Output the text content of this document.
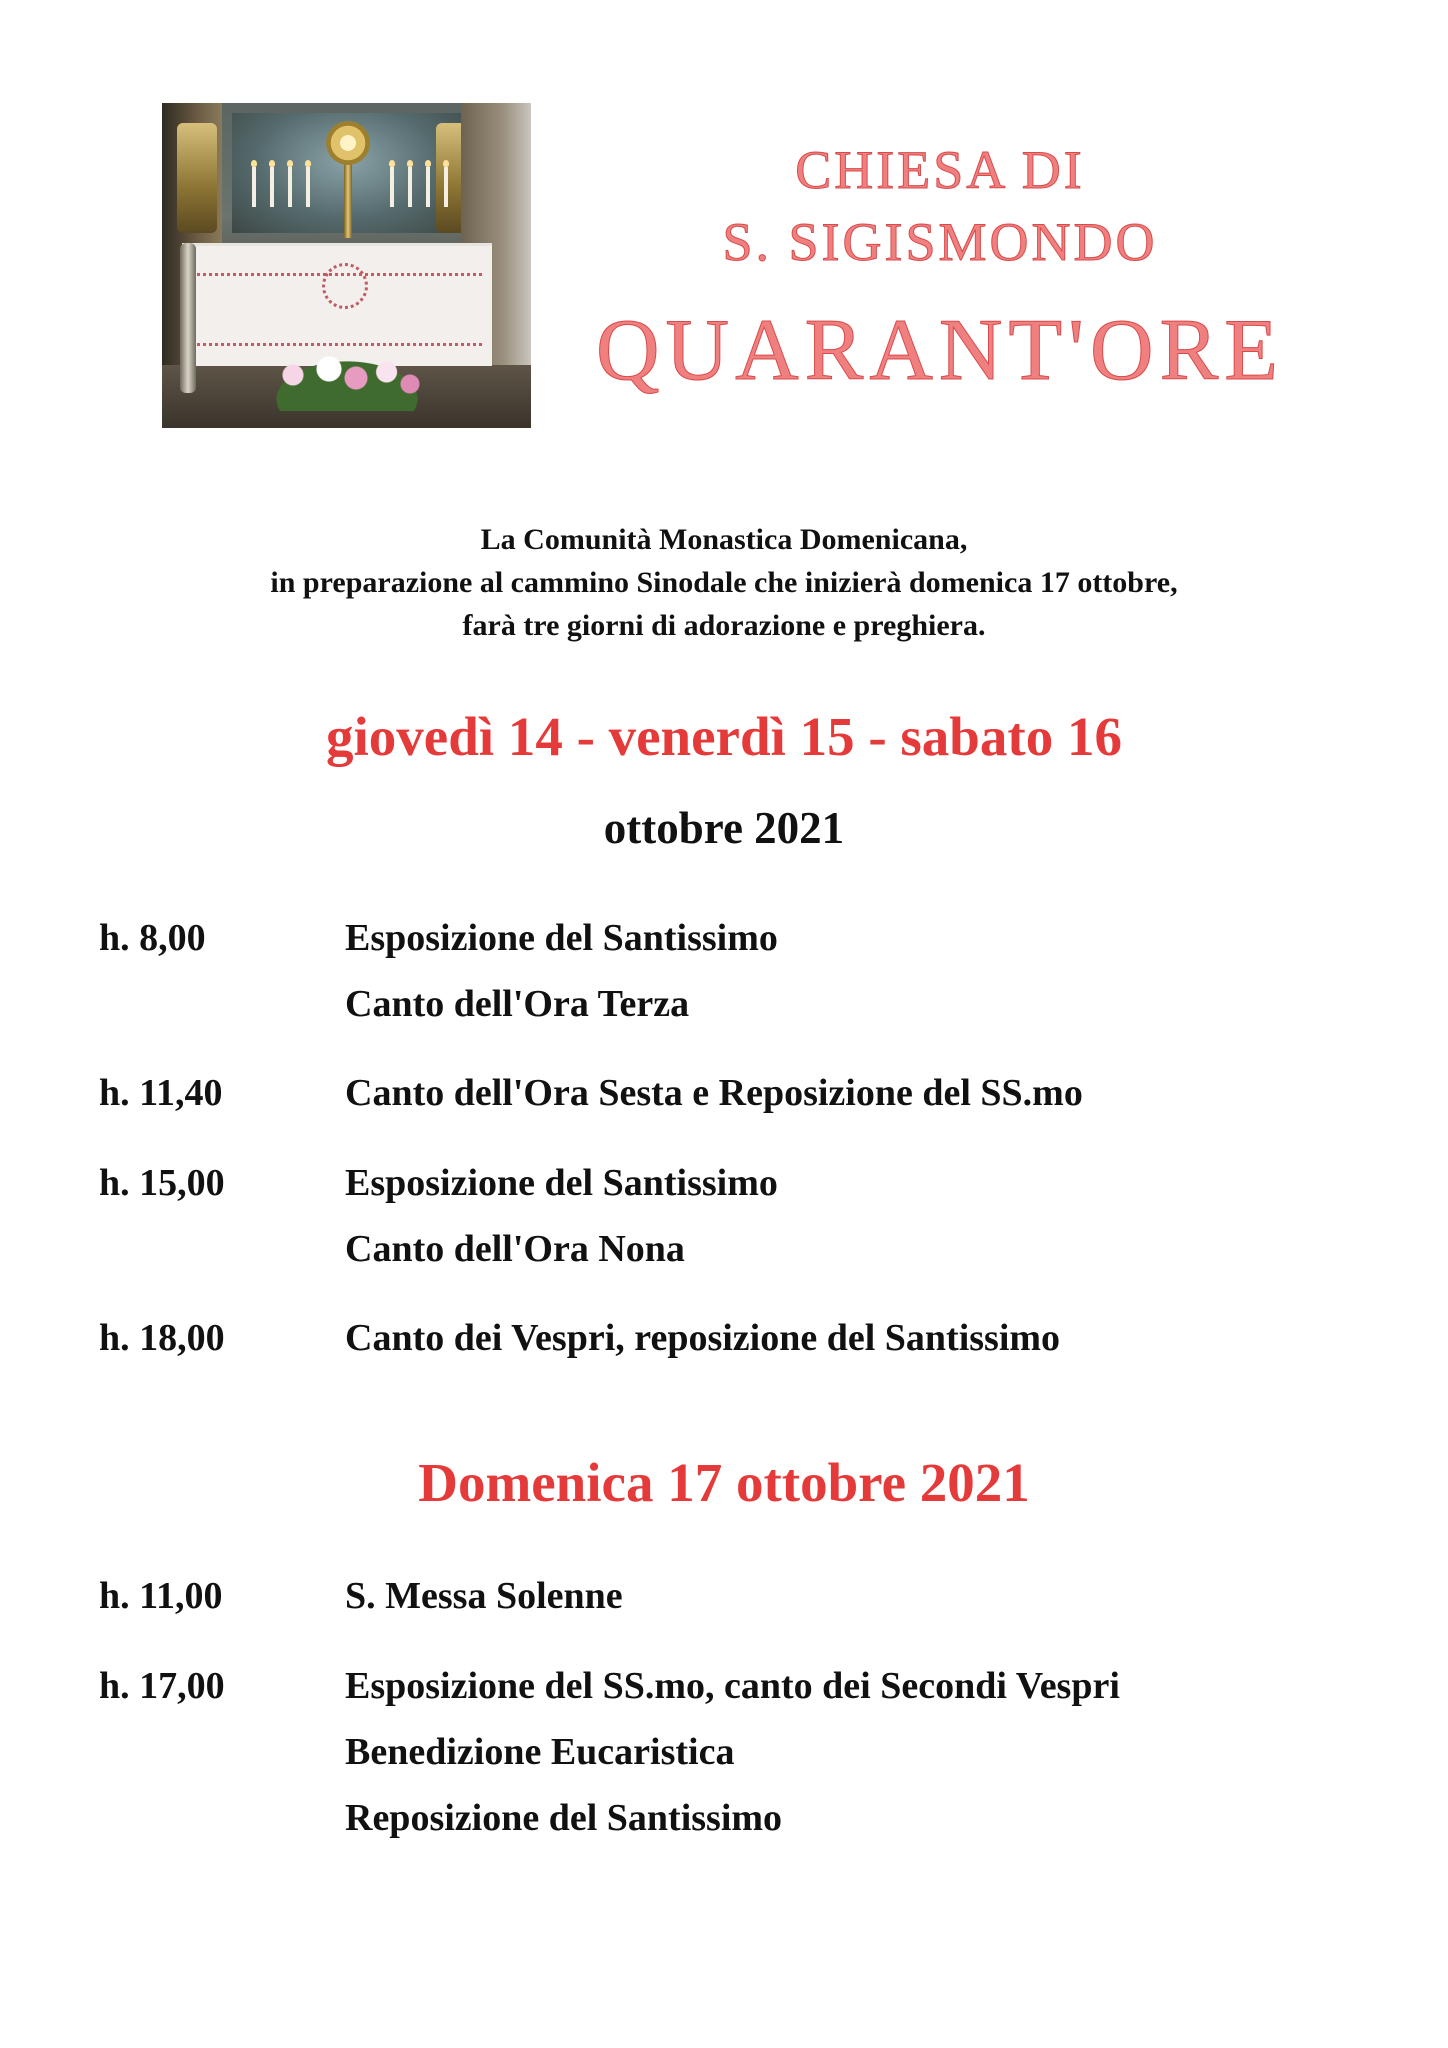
CHIESA DI
S. SIGISMONDO
QUARANT'ORE
La Comunità Monastica Domenicana,
in preparazione al cammino Sinodale che inizierà domenica 17 ottobre,
farà tre giorni di adorazione e preghiera.
giovedì 14 - venerdì 15 - sabato 16
ottobre 2021
h. 8,00	Esposizione del Santissimo
Canto dell'Ora Terza
h. 11,40	Canto dell'Ora Sesta e Reposizione del SS.mo
h. 15,00	Esposizione del Santissimo
Canto dell'Ora Nona
h. 18,00	Canto dei Vespri, reposizione del Santissimo
Domenica 17 ottobre 2021
h. 11,00	S. Messa Solenne
h. 17,00	Esposizione del SS.mo, canto dei Secondi Vespri
Benedizione Eucaristica
Reposizione del Santissimo
